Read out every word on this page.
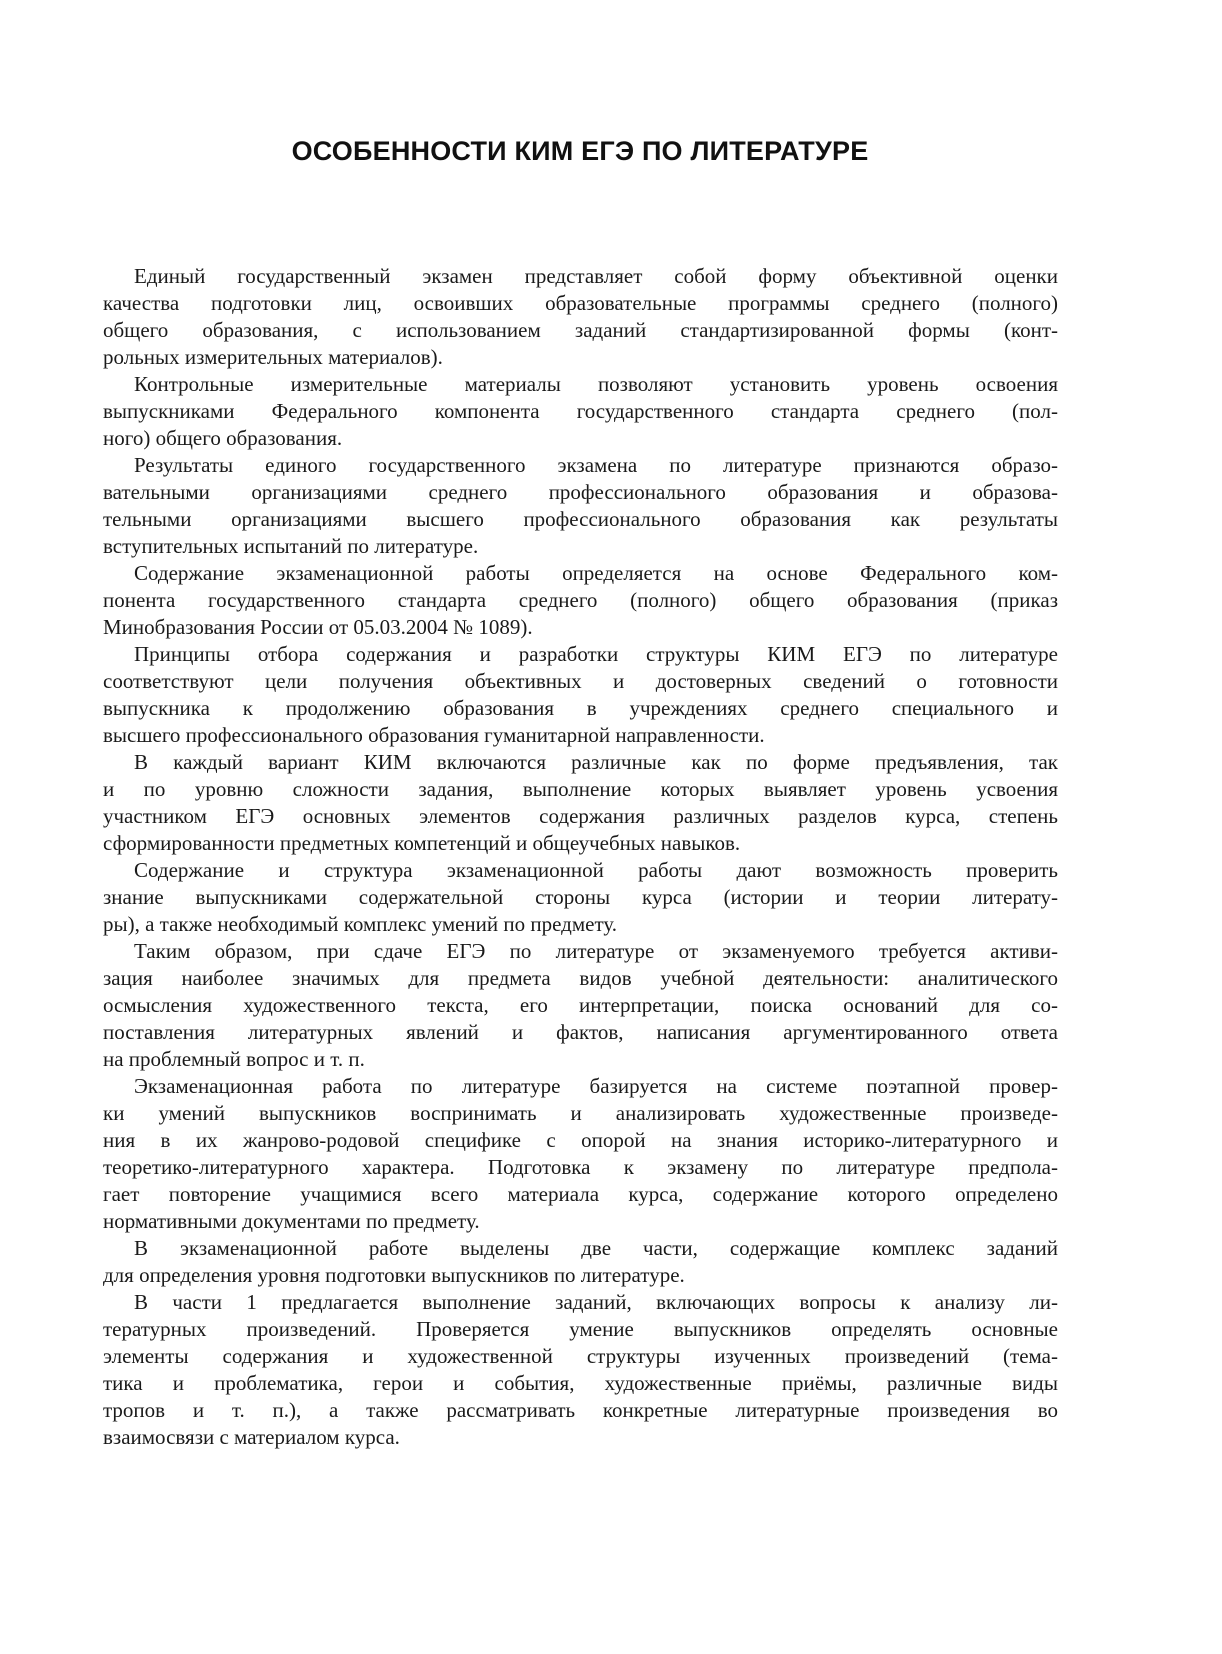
ОСОБЕННОСТИ КИМ ЕГЭ ПО ЛИТЕРАТУРЕ
Единый государственный экзамен представляет собой форму объективной оценки
качества подготовки лиц, освоивших образовательные программы среднего (полного)
общего образования, с использованием заданий стандартизированной формы (конт-
рольных измерительных материалов).
Контрольные измерительные материалы позволяют установить уровень освоения
выпускниками Федерального компонента государственного стандарта среднего (пол-
ного) общего образования.
Результаты единого государственного экзамена по литературе признаются образо-
вательными организациями среднего профессионального образования и образова-
тельными организациями высшего профессионального образования как результаты
вступительных испытаний по литературе.
Содержание экзаменационной работы определяется на основе Федерального ком-
понента государственного стандарта среднего (полного) общего образования (приказ
Минобразования России от 05.03.2004 № 1089).
Принципы отбора содержания и разработки структуры КИМ ЕГЭ по литературе
соответствуют цели получения объективных и достоверных сведений о готовности
выпускника к продолжению образования в учреждениях среднего специального и
высшего профессионального образования гуманитарной направленности.
В каждый вариант КИМ включаются различные как по форме предъявления, так
и по уровню сложности задания, выполнение которых выявляет уровень усвоения
участником ЕГЭ основных элементов содержания различных разделов курса, степень
сформированности предметных компетенций и общеучебных навыков.
Содержание и структура экзаменационной работы дают возможность проверить
знание выпускниками содержательной стороны курса (истории и теории литерату-
ры), а также необходимый комплекс умений по предмету.
Таким образом, при сдаче ЕГЭ по литературе от экзаменуемого требуется активи-
зация наиболее значимых для предмета видов учебной деятельности: аналитического
осмысления художественного текста, его интерпретации, поиска оснований для со-
поставления литературных явлений и фактов, написания аргументированного ответа
на проблемный вопрос и т. п.
Экзаменационная работа по литературе базируется на системе поэтапной провер-
ки умений выпускников воспринимать и анализировать художественные произведе-
ния в их жанрово-родовой специфике с опорой на знания историко-литературного и
теоретико-литературного характера. Подготовка к экзамену по литературе предпола-
гает повторение учащимися всего материала курса, содержание которого определено
нормативными документами по предмету.
В экзаменационной работе выделены две части, содержащие комплекс заданий
для определения уровня подготовки выпускников по литературе.
В части 1 предлагается выполнение заданий, включающих вопросы к анализу ли-
тературных произведений. Проверяется умение выпускников определять основные
элементы содержания и художественной структуры изученных произведений (тема-
тика и проблематика, герои и события, художественные приёмы, различные виды
тропов и т. п.), а также рассматривать конкретные литературные произведения во
взаимосвязи с материалом курса.
